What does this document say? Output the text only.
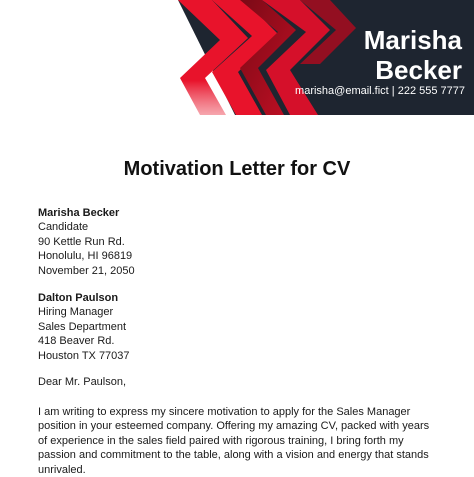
Marisha
Becker
marisha@email.fict | 222 555 7777
Motivation Letter for CV
Marisha Becker
Candidate
90 Kettle Run Rd.
Honolulu, HI 96819
November 21, 2050
Dalton Paulson
Hiring Manager
Sales Department
418 Beaver Rd.
Houston TX 77037
Dear Mr. Paulson,
I am writing to express my sincere motivation to apply for the Sales Manager position in your esteemed company. Offering my amazing CV, packed with years of experience in the sales field paired with rigorous training, I bring forth my passion and commitment to the table, along with a vision and energy that stands unrivaled.
